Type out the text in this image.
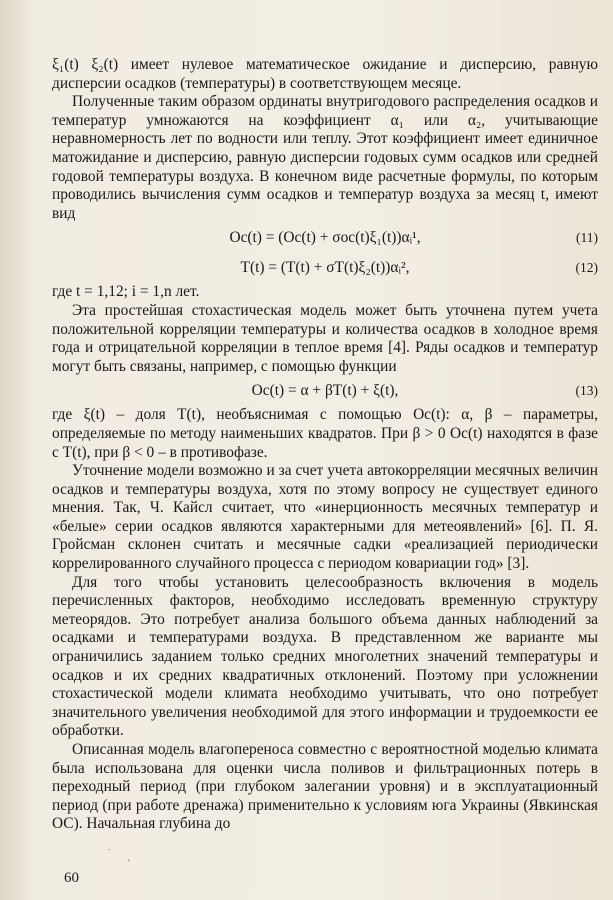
ξ₁(t) ξ₂(t) имеет нулевое математическое ожидание и дисперсию, равную дисперсии осадков (температуры) в соответствующем месяце.

Полученные таким образом ординаты внутригодового распределения осадков и температур умножаются на коэффициент α₁ или α₂, учитывающие неравномерность лет по водности или теплу. Этот коэффициент имеет единичное матожидание и дисперсию, равную дисперсии годовых сумм осадков или средней годовой температуры воздуха. В конечном виде расчетные формулы, по которым проводились вычисления сумм осадков и температур воздуха за месяц t, имеют вид

Oc(t) = (Oc(t) + σoc(t)ξ₁(t))αᵢ¹,	(11)
T(t) = (T(t) + σT(t)ξ₂(t))αᵢ²,	(12)

где t = 1,12; i = 1,n лет.

Эта простейшая стохастическая модель может быть уточнена путем учета положительной корреляции температуры и количества осадков в холодное время года и отрицательной корреляции в теплое время [4]. Ряды осадков и температур могут быть связаны, например, с помощью функции

Oc(t) = α + βT(t) + ξ(t),	(13)

где ξ(t) – доля T(t), необъяснимая с помощью Oc(t): α, β – параметры, определяемые по методу наименьших квадратов. При β > 0 Oc(t) находятся в фазе с T(t), при β < 0 – в противофазе.

Уточнение модели возможно и за счет учета автокорреляции месячных величин осадков и температуры воздуха, хотя по этому вопросу не существует единого мнения. Так, Ч. Кайсл считает, что «инерционность месячных температур и «белые» серии осадков являются характерными для метеоявлений» [6]. П. Я. Гройсман склонен считать и месячные садки «реализацией периодически коррелированного случайного процесса с периодом ковариации год» [3].

Для того чтобы установить целесообразность включения в модель перечисленных факторов, необходимо исследовать временную структуру метеорядов. Это потребует анализа большого объема данных наблюдений за осадками и температурами воздуха. В представленном же варианте мы ограничились заданием только средних многолетних значений температуры и осадков и их средних квадратичных отклонений. Поэтому при усложнении стохастической модели климата необходимо учитывать, что оно потребует значительного увеличения необходимой для этого информации и трудоемкости ее обработки.

Описанная модель влагопереноса совместно с вероятностной моделью климата была использована для оценки числа поливов и фильтрационных потерь в переходный период (при глубоком залегании уровня) и в эксплуатационный период (при работе дренажа) применительно к условиям юга Украины (Явкинская ОС). Начальная глубина до

.
'
60
